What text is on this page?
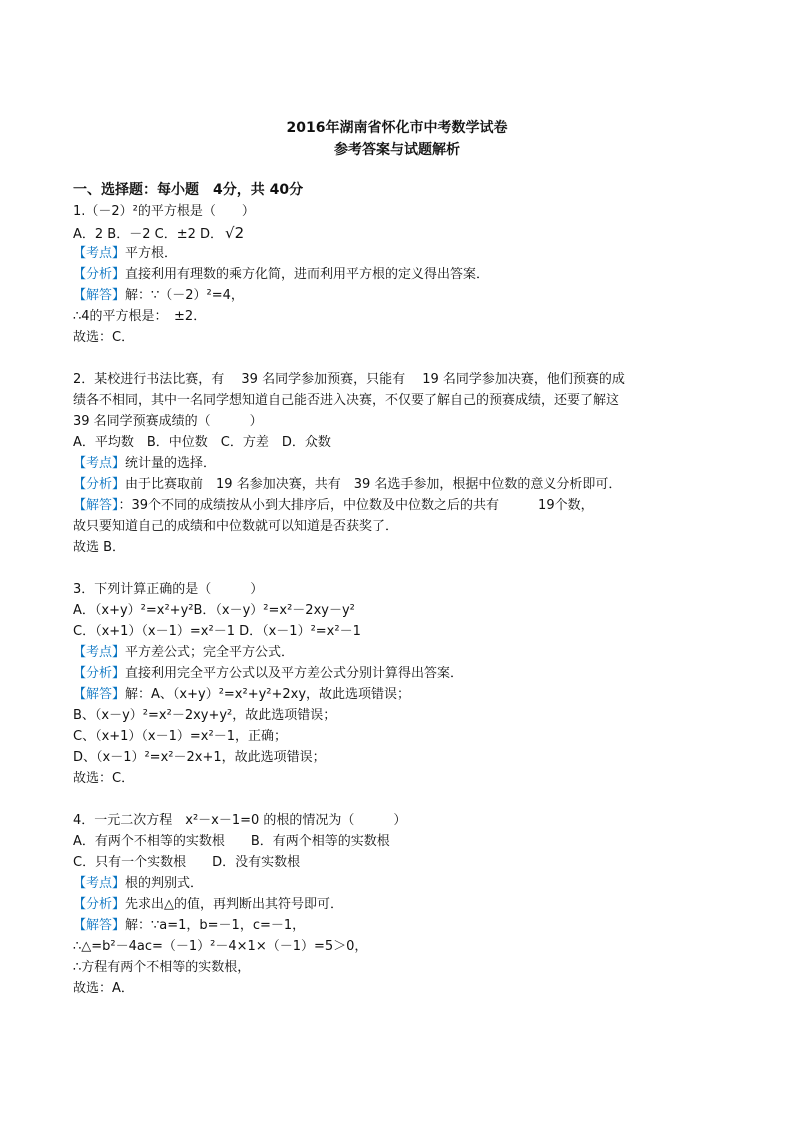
2016年湖南省怀化市中考数学试卷
参考答案与试题解析
一、选择题：每小题　4分，共 40分
1.（－2）²的平方根是（　　）
A．2 B．－2 C．±2 D． √2
【考点】平方根．
【分析】直接利用有理数的乘方化简，进而利用平方根的定义得出答案．
【解答】解：∵（－2）²=4，
∴4的平方根是：　±2．
故选：C．
2．某校进行书法比赛，有　 39 名同学参加预赛，只能有　 19 名同学参加决赛，他们预赛的成
绩各不相同，其中一名同学想知道自己能否进入决赛，不仅要了解自己的预赛成绩，还要了解这
39 名同学预赛成绩的（　　　）
A．平均数　B．中位数　C．方差　D．众数
【考点】统计量的选择．
【分析】由于比赛取前　19 名参加决赛，共有　39 名选手参加，根据中位数的意义分析即可．
【解答】：39个不同的成绩按从小到大排序后，中位数及中位数之后的共有　　　19个数，
故只要知道自己的成绩和中位数就可以知道是否获奖了．
故选 B．
3．下列计算正确的是（　　　）
A．（x+y）²=x²+y²B．（x－y）²=x²－2xy－y²
C．（x+1）（x－1）=x²－1 D．（x－1）²=x²－1
【考点】平方差公式；完全平方公式．
【分析】直接利用完全平方公式以及平方差公式分别计算得出答案．
【解答】解：A、（x+y）²=x²+y²+2xy，故此选项错误；
B、（x－y）²=x²－2xy+y²，故此选项错误；
C、（x+1）（x－1）=x²－1，正确；
D、（x－1）²=x²－2x+1，故此选项错误；
故选：C．
4．一元二次方程　x²－x－1=0 的根的情况为（　　　）
A．有两个不相等的实数根　　B．有两个相等的实数根
C．只有一个实数根　　D．没有实数根
【考点】根的判别式．
【分析】先求出△的值，再判断出其符号即可．
【解答】解：∵a=1，b=－1，c=－1，
∴△=b²－4ac=（－1）²－4×1×（－1）=5＞0，
∴方程有两个不相等的实数根，
故选：A．
